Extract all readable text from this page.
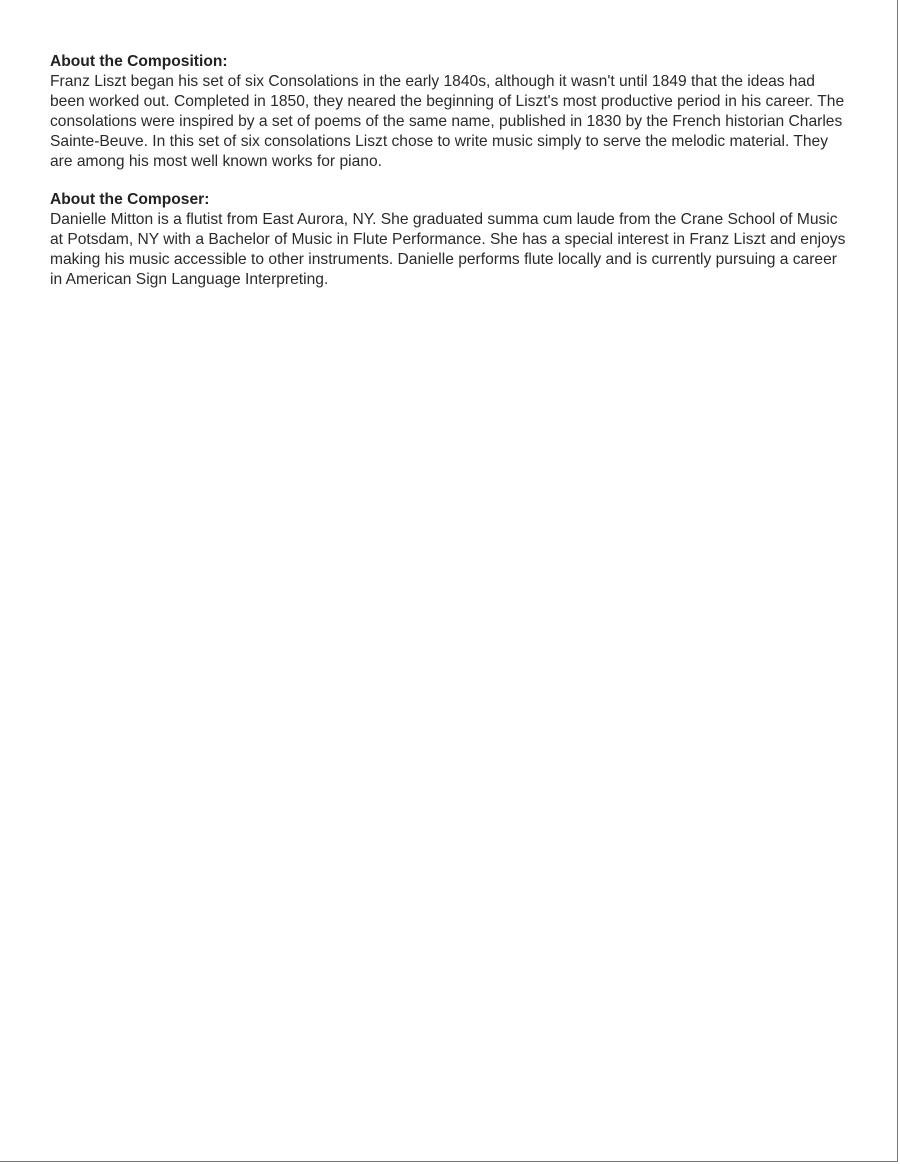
About the Composition:

Franz Liszt began his set of six Consolations in the early 1840s, although it wasn't until 1849 that the ideas had been worked out. Completed in 1850, they neared the beginning of Liszt's most productive period in his career. The consolations were inspired by a set of poems of the same name, published in 1830 by the French historian Charles Sainte-Beuve. In this set of six consolations Liszt chose to write music simply to serve the melodic material. They are among his most well known works for piano.

About the Composer:

Danielle Mitton is a flutist from East Aurora, NY. She graduated summa cum laude from the Crane School of Music at Potsdam, NY with a Bachelor of Music in Flute Performance. She has a special interest in Franz Liszt and enjoys making his music accessible to other instruments. Danielle performs flute locally and is currently pursuing a career in American Sign Language Interpreting.
